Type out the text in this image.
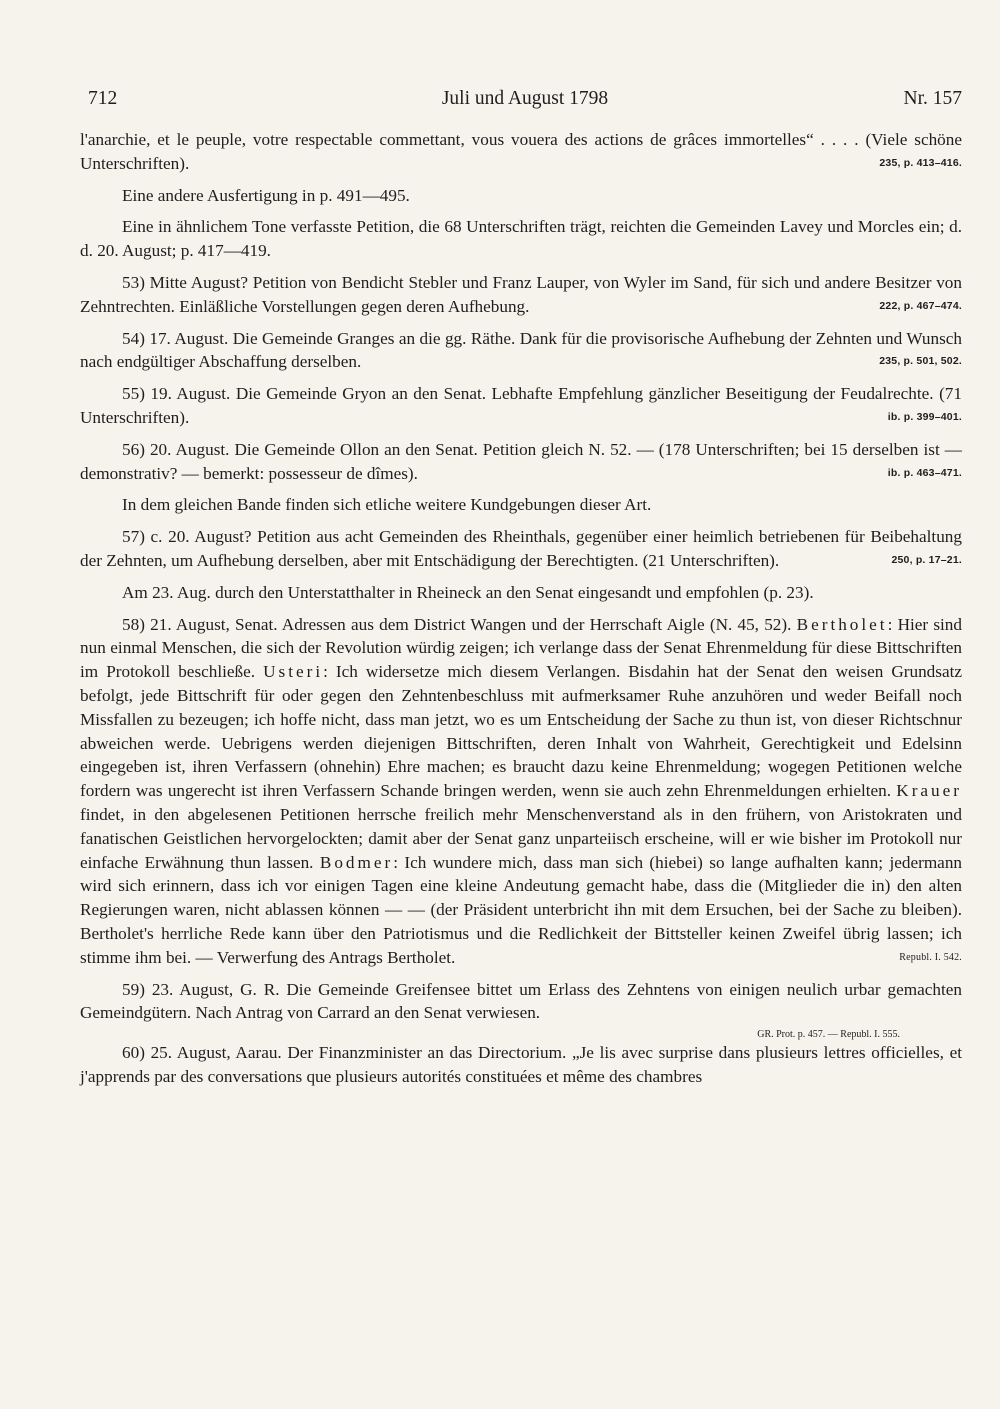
712	Juli und August 1798	Nr. 157

l'anarchie, et le peuple, votre respectable commettant, vous vouera des actions de grâces immortelles“ . . . . (Viele schöne Unterschriften).	235, p. 413–416.

Eine andere Ausfertigung in p. 491—495.

Eine in ähnlichem Tone verfasste Petition, die 68 Unterschriften trägt, reichten die Gemeinden Lavey und Morcles ein; d. d. 20. August; p. 417—419.

53) Mitte August? Petition von Bendicht Stebler und Franz Lauper, von Wyler im Sand, für sich und andere Besitzer von Zehntrechten. Einläßliche Vorstellungen gegen deren Aufhebung.	222, p. 467–474.

54) 17. August. Die Gemeinde Granges an die gg. Räthe. Dank für die provisorische Aufhebung der Zehnten und Wunsch nach endgültiger Abschaffung derselben.	235, p. 501, 502.

55) 19. August. Die Gemeinde Gryon an den Senat. Lebhafte Empfehlung gänzlicher Beseitigung der Feudalrechte. (71 Unterschriften).	ib. p. 399–401.

56) 20. August. Die Gemeinde Ollon an den Senat. Petition gleich N. 52. — (178 Unterschriften; bei 15 derselben ist — demonstrativ? — bemerkt: possesseur de dîmes).	ib. p. 463–471.

In dem gleichen Bande finden sich etliche weitere Kundgebungen dieser Art.

57) c. 20. August? Petition aus acht Gemeinden des Rheinthals, gegenüber einer heimlich betriebenen für Beibehaltung der Zehnten, um Aufhebung derselben, aber mit Entschädigung der Berechtigten. (21 Unterschriften).	250, p. 17–21.

Am 23. Aug. durch den Unterstatthalter in Rheineck an den Senat eingesandt und empfohlen (p. 23).

58) 21. August, Senat. Adressen aus dem District Wangen und der Herrschaft Aigle (N. 45, 52). Bertholet: Hier sind nun einmal Menschen, die sich der Revolution würdig zeigen; ich verlange dass der Senat Ehrenmeldung für diese Bittschriften im Protokoll beschließe. Usteri: Ich widersetze mich diesem Verlangen. Bisdahin hat der Senat den weisen Grundsatz befolgt, jede Bittschrift für oder gegen den Zehntenbeschluss mit aufmerksamer Ruhe anzuhören und weder Beifall noch Missfallen zu bezeugen; ich hoffe nicht, dass man jetzt, wo es um Entscheidung der Sache zu thun ist, von dieser Richtschnur abweichen werde. Uebrigens werden diejenigen Bittschriften, deren Inhalt von Wahrheit, Gerechtigkeit und Edelsinn eingegeben ist, ihren Verfassern (ohnehin) Ehre machen; es braucht dazu keine Ehrenmeldung; wogegen Petitionen welche fordern was ungerecht ist ihren Verfassern Schande bringen werden, wenn sie auch zehn Ehrenmeldungen erhielten. Krauer findet, in den abgelesenen Petitionen herrsche freilich mehr Menschenverstand als in den frühern, von Aristokraten und fanatischen Geistlichen hervorgelockten; damit aber der Senat ganz unparteiisch erscheine, will er wie bisher im Protokoll nur einfache Erwähnung thun lassen. Bodmer: Ich wundere mich, dass man sich (hiebei) so lange aufhalten kann; jedermann wird sich erinnern, dass ich vor einigen Tagen eine kleine Andeutung gemacht habe, dass die (Mitglieder die in) den alten Regierungen waren, nicht ablassen können — — (der Präsident unterbricht ihn mit dem Ersuchen, bei der Sache zu bleiben). Bertholet's herrliche Rede kann über den Patriotismus und die Redlichkeit der Bittsteller keinen Zweifel übrig lassen; ich stimme ihm bei. — Verwerfung des Antrags Bertholet.	Republ. I. 542.

59) 23. August, G. R. Die Gemeinde Greifensee bittet um Erlass des Zehntens von einigen neulich urbar gemachten Gemeindgütern. Nach Antrag von Carrard an den Senat verwiesen.

GR. Prot. p. 457. — Republ. I. 555.

60) 25. August, Aarau. Der Finanzminister an das Directorium. „Je lis avec surprise dans plusieurs lettres officielles, et j'apprends par des conversations que plusieurs autorités constituées et même des chambres
